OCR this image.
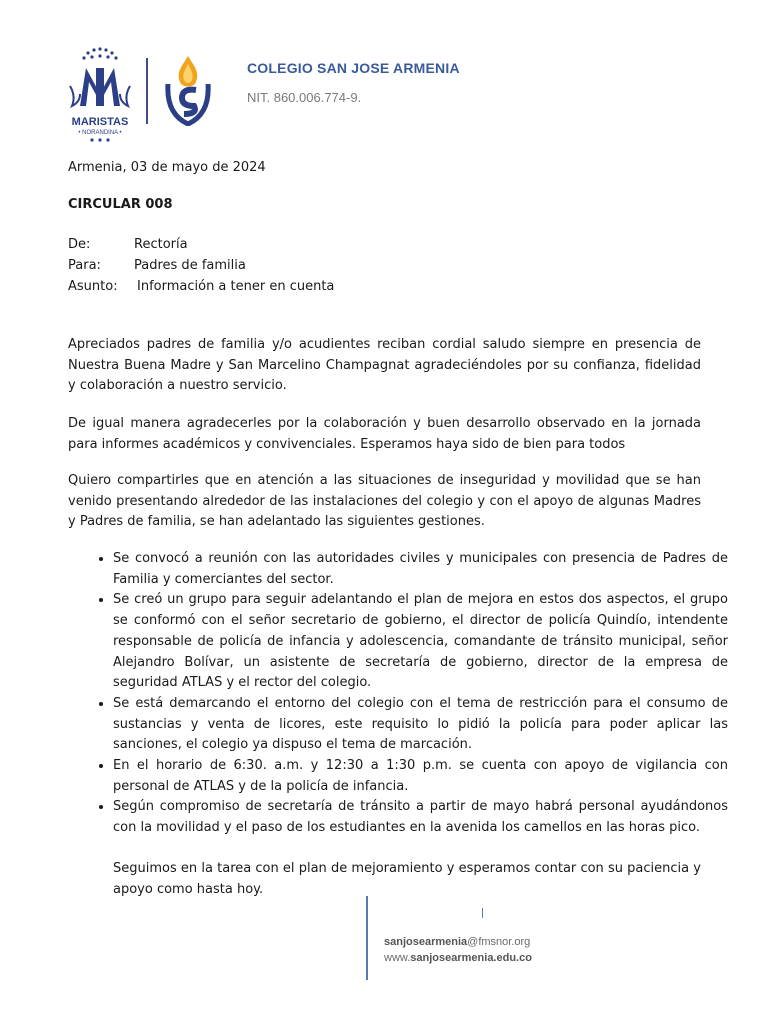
MARISTAS
• NORANDINA •
COLEGIO SAN JOSE ARMENIA
NIT. 860.006.774-9.
Armenia, 03 de mayo de 2024
CIRCULAR 008
De:	Rectoría
Para:	Padres de familia
Asunto: Información a tener en cuenta

Apreciados padres de familia y/o acudientes reciban cordial saludo siempre en presencia de Nuestra Buena Madre y San Marcelino Champagnat agradeciéndoles por su confianza, fidelidad y colaboración a nuestro servicio.

De igual manera agradecerles por la colaboración y buen desarrollo observado en la jornada para informes académicos y convivenciales. Esperamos haya sido de bien para todos

Quiero compartirles que en atención a las situaciones de inseguridad y movilidad que se han venido presentando alrededor de las instalaciones del colegio y con el apoyo de algunas Madres y Padres de familia, se han adelantado las siguientes gestiones.

• Se convocó a reunión con las autoridades civiles y municipales con presencia de Padres de Familia y comerciantes del sector.
• Se creó un grupo para seguir adelantando el plan de mejora en estos dos aspectos, el grupo se conformó con el señor secretario de gobierno, el director de policía Quindío, intendente responsable de policía de infancia y adolescencia, comandante de tránsito municipal, señor Alejandro Bolívar, un asistente de secretaría de gobierno, director de la empresa de seguridad ATLAS y el rector del colegio.
• Se está demarcando el entorno del colegio con el tema de restricción para el consumo de sustancias y venta de licores, este requisito lo pidió la policía para poder aplicar las sanciones, el colegio ya dispuso el tema de marcación.
• En el horario de 6:30. a.m. y 12:30 a 1:30 p.m. se cuenta con apoyo de vigilancia con personal de ATLAS y de la policía de infancia.
• Según compromiso de secretaría de tránsito a partir de mayo habrá personal ayudándonos con la movilidad y el paso de los estudiantes en la avenida los camellos en las horas pico.
Seguimos en la tarea con el plan de mejoramiento y esperamos contar con su paciencia y apoyo como hasta hoy.
sanjosearmenia@fmsnor.org
www.sanjosearmenia.edu.co
